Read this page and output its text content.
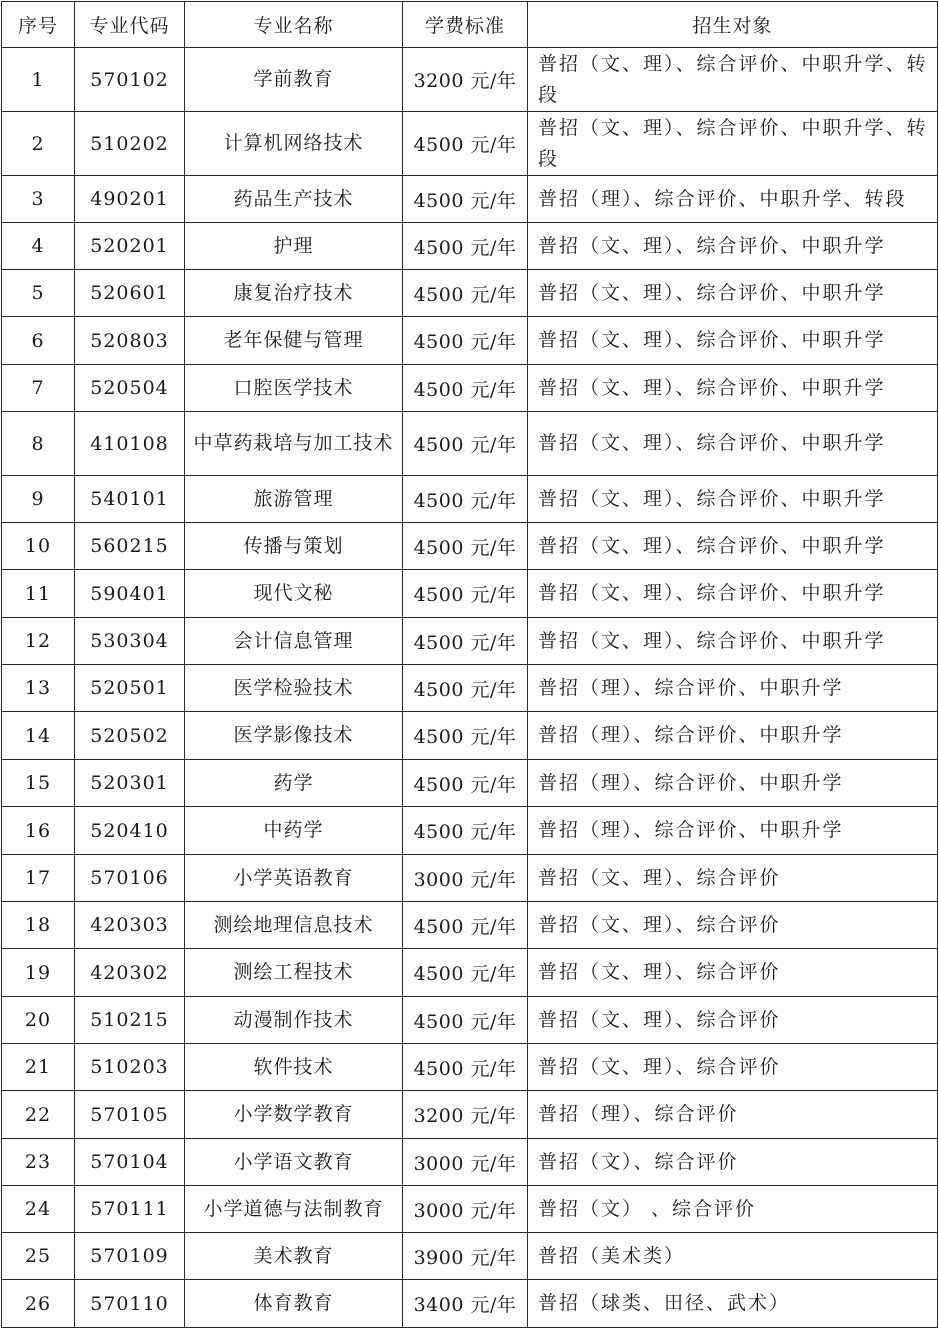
序号	专业代码	专业名称	学费标准	招生对象
1	570102	学前教育	3200 元/年	普招（文、理）、综合评价、中职升学、转段
2	510202	计算机网络技术	4500 元/年	普招（文、理）、综合评价、中职升学、转段
3	490201	药品生产技术	4500 元/年	普招（理）、综合评价、中职升学、转段
4	520201	护理	4500 元/年	普招（文、理）、综合评价、中职升学
5	520601	康复治疗技术	4500 元/年	普招（文、理）、综合评价、中职升学
6	520803	老年保健与管理	4500 元/年	普招（文、理）、综合评价、中职升学
7	520504	口腔医学技术	4500 元/年	普招（文、理）、综合评价、中职升学
8	410108	中草药栽培与加工技术	4500 元/年	普招（文、理）、综合评价、中职升学
9	540101	旅游管理	4500 元/年	普招（文、理）、综合评价、中职升学
10	560215	传播与策划	4500 元/年	普招（文、理）、综合评价、中职升学
11	590401	现代文秘	4500 元/年	普招（文、理）、综合评价、中职升学
12	530304	会计信息管理	4500 元/年	普招（文、理）、综合评价、中职升学
13	520501	医学检验技术	4500 元/年	普招（理）、综合评价、中职升学
14	520502	医学影像技术	4500 元/年	普招（理）、综合评价、中职升学
15	520301	药学	4500 元/年	普招（理）、综合评价、中职升学
16	520410	中药学	4500 元/年	普招（理）、综合评价、中职升学
17	570106	小学英语教育	3000 元/年	普招（文、理）、综合评价
18	420303	测绘地理信息技术	4500 元/年	普招（文、理）、综合评价
19	420302	测绘工程技术	4500 元/年	普招（文、理）、综合评价
20	510215	动漫制作技术	4500 元/年	普招（文、理）、综合评价
21	510203	软件技术	4500 元/年	普招（文、理）、综合评价
22	570105	小学数学教育	3200 元/年	普招（理）、综合评价
23	570104	小学语文教育	3000 元/年	普招（文）、综合评价
24	570111	小学道德与法制教育	3000 元/年	普招（文） 、综合评价
25	570109	美术教育	3900 元/年	普招（美术类）
26	570110	体育教育	3400 元/年	普招（球类、田径、武术）
